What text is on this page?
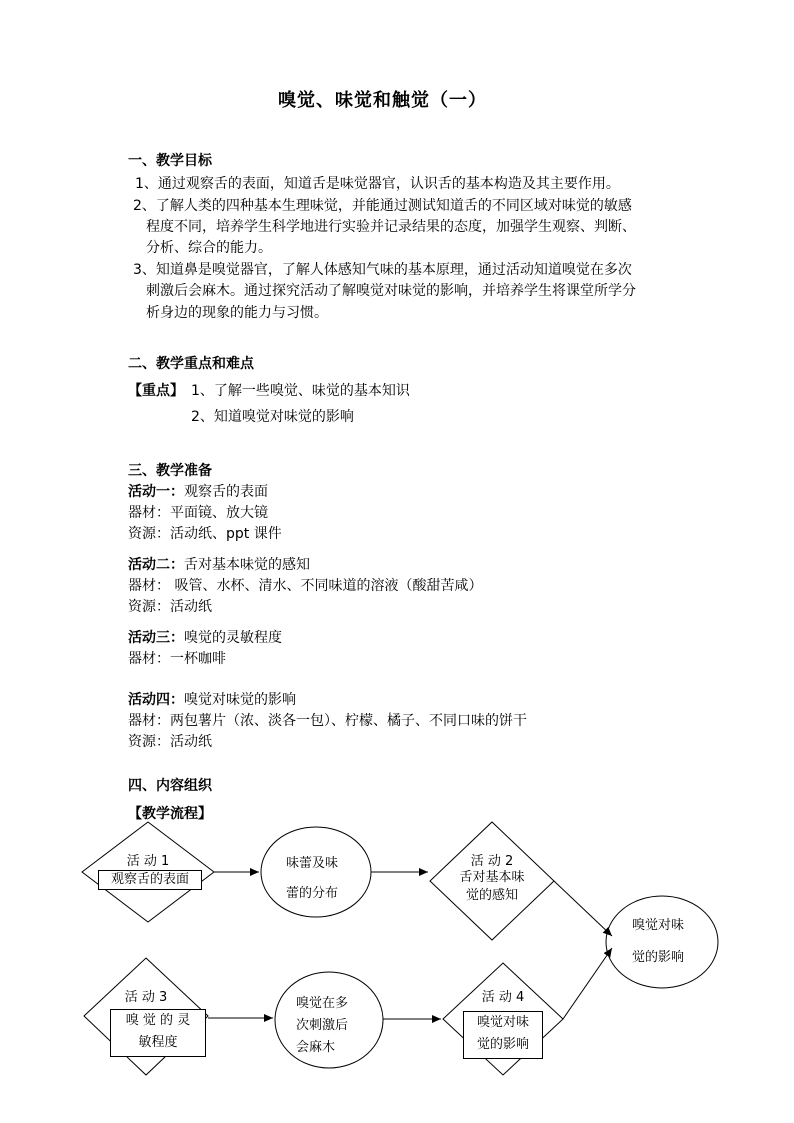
嗅觉、味觉和触觉（一）
一、教学目标
1、通过观察舌的表面，知道舌是味觉器官，认识舌的基本构造及其主要作用。
2、了解人类的四种基本生理味觉，并能通过测试知道舌的不同区域对味觉的敏感
程度不同，培养学生科学地进行实验并记录结果的态度，加强学生观察、判断、
分析、综合的能力。
3、知道鼻是嗅觉器官，了解人体感知气味的基本原理，通过活动知道嗅觉在多次
刺激后会麻木。通过探究活动了解嗅觉对味觉的影响，并培养学生将课堂所学分
析身边的现象的能力与习惯。
二、教学重点和难点
【重点】 1、了解一些嗅觉、味觉的基本知识
2、知道嗅觉对味觉的影响
三、教学准备
活动一：观察舌的表面
器材：平面镜、放大镜
资源：活动纸、ppt 课件
活动二：舌对基本味觉的感知
器材： 吸管、水杯、清水、不同味道的溶液（酸甜苦咸）
资源：活动纸
活动三：嗅觉的灵敏程度
器材：一杯咖啡
活动四：嗅觉对味觉的影响
器材：两包薯片（浓、淡各一包）、柠檬、橘子、不同口味的饼干
资源：活动纸
四、内容组织
【教学流程】
活 动 1
观察舌的表面
味蕾及味
蕾的分布
活 动 2
舌对基本味
觉的感知
嗅觉对味
觉的影响
活 动 3
嗅 觉 的 灵
敏程度
嗅觉在多
次刺激后
会麻木
活 动 4
嗅觉对味
觉的影响
